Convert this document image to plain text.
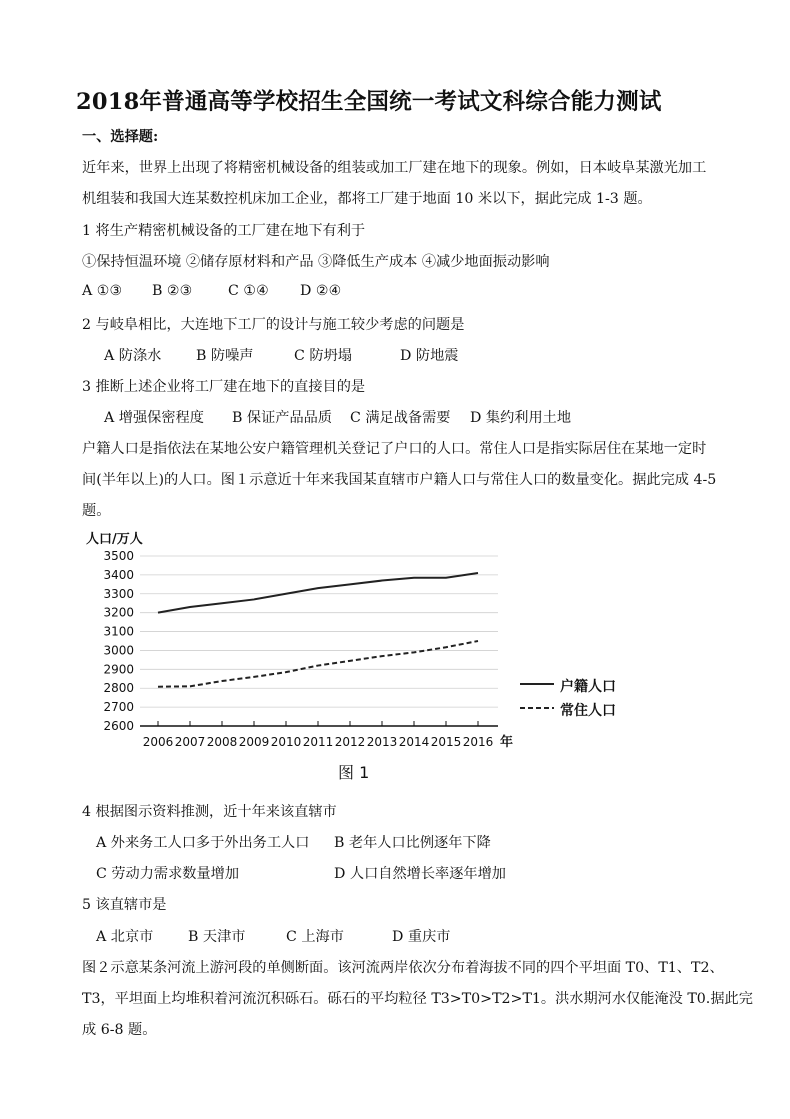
2018年普通高等学校招生全国统一考试文科综合能力测试
一、选择题:
近年来，世界上出现了将精密机械设备的组装或加工厂建在地下的现象。例如，日本岐阜某激光加工
机组装和我国大连某数控机床加工企业，都将工厂建于地面 10 米以下，据此完成 1-3 题。
1 将生产精密机械设备的工厂建在地下有利于
①保持恒温环境 ②储存原材料和产品 ③降低生产成本 ④减少地面振动影响
A ①③ B ②③	C ①④ D ②④
2 与岐阜相比，大连地下工厂的设计与施工较少考虑的问题是
A 防涤水 B 防噪声	C 防坍塌	D 防地震
3 推断上述企业将工厂建在地下的直接目的是
A 增强保密程度 B 保证产品品质 C 满足战备需要 D 集约利用土地
户籍人口是指依法在某地公安户籍管理机关登记了户口的人口。常住人口是指实际居住在某地一定时
间(半年以上)的人口。图１示意近十年来我国某直辖市户籍人口与常住人口的数量变化。据此完成 4-5
题。
2600
2700
2800
2900
3000
3100
3200
3300
3400
3500
2006 2007 2008 2009 2010 2011 2012 2013 2014 2015 2016
人口/万人
年
图 1
4 根据图示资料推测，近十年来该直辖市
A 外来务工人口多于外出务工人口 B 老年人口比例逐年下降
C 劳动力需求数量增加	D 人口自然增长率逐年增加
5 该直辖市是
A 北京市 B 天津市	C 上海市	D 重庆市
图２示意某条河流上游河段的单侧断面。该河流两岸依次分布着海拔不同的四个平坦面 T0、T1、T2、
T3，平坦面上均堆积着河流沉积砾石。砾石的平均粒径 T3>T0>T2>T1。洪水期河水仅能淹没 T0.据此完
成 6-8 题。
户籍人口
常住人口
